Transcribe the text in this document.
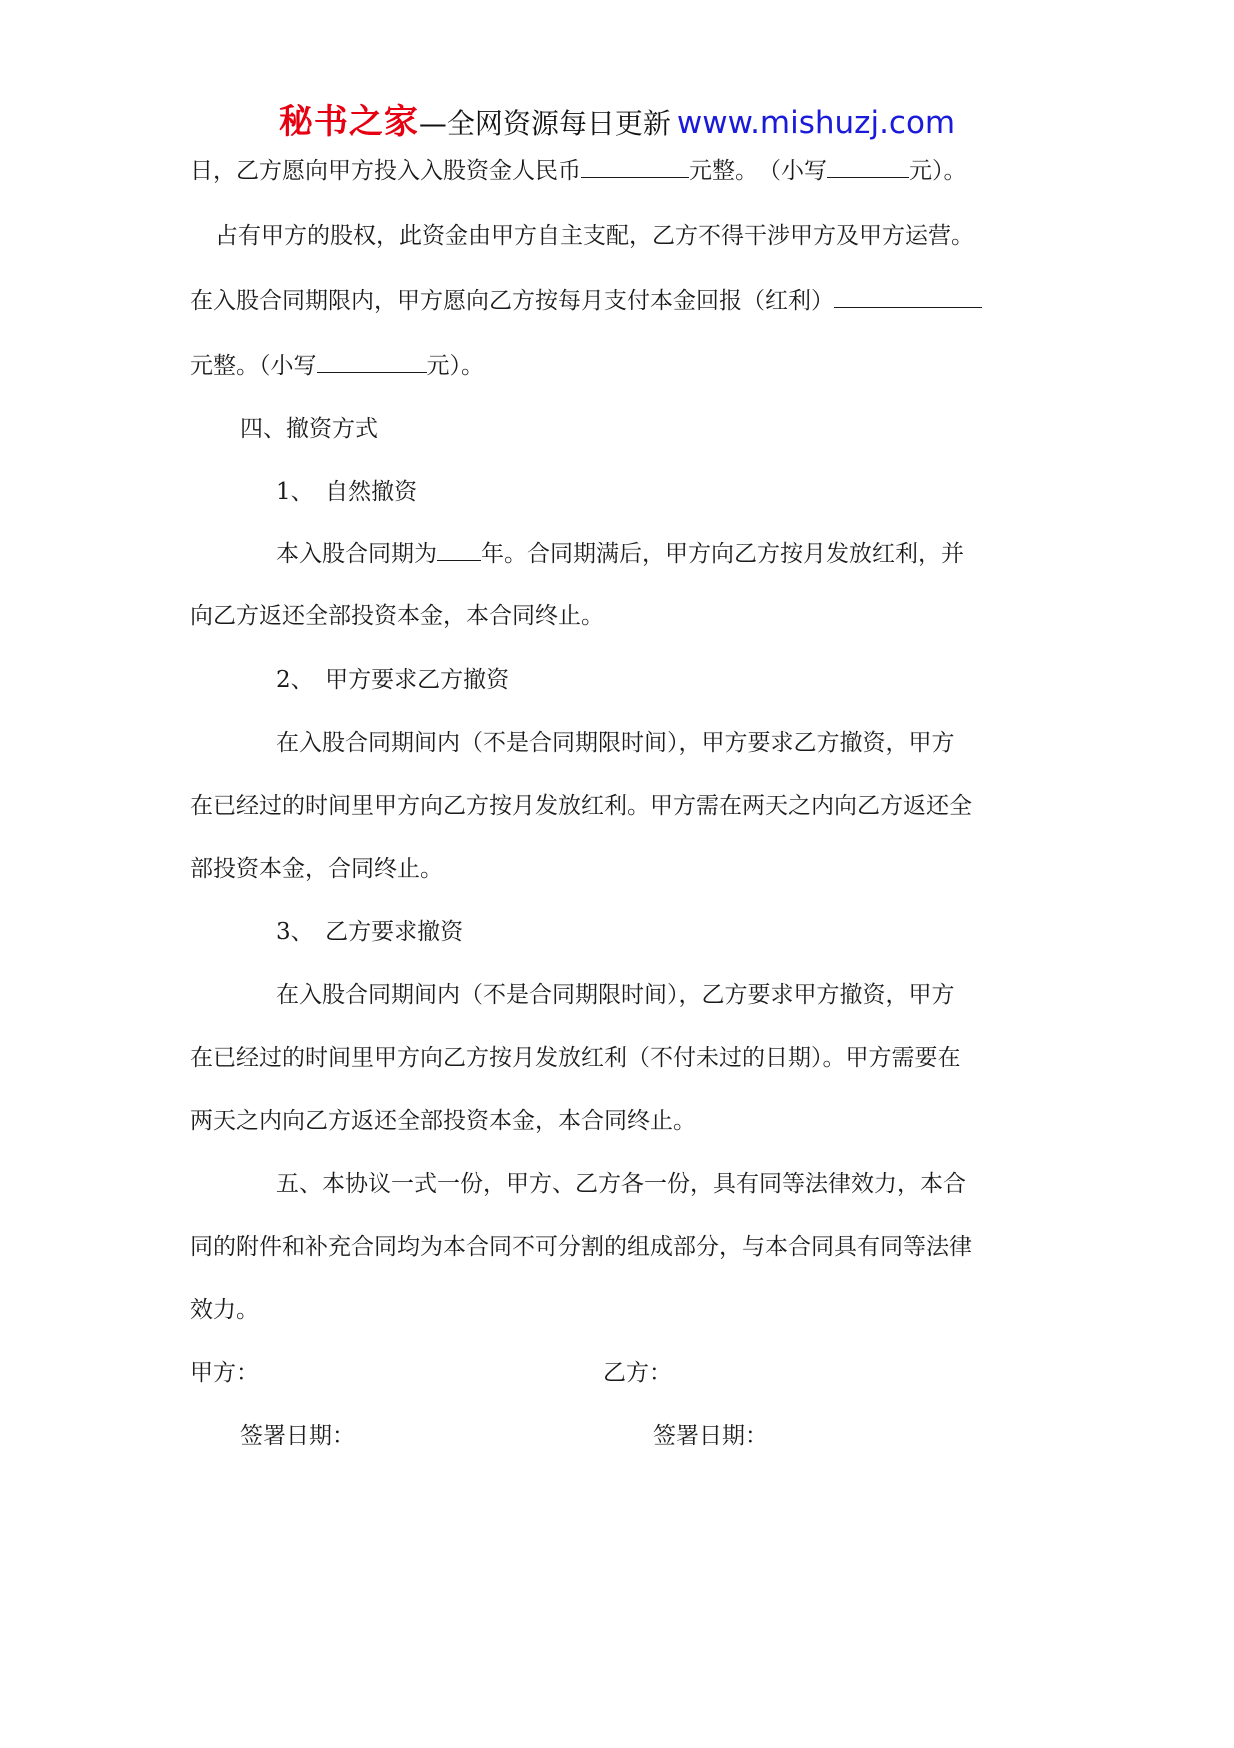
秘书之家—全网资源每日更新 www.mishuzj.com
日，乙方愿向甲方投入入股资金人民币	元整。　（小写	元）。
占有甲方的股权，此资金由甲方自主支配，乙方不得干涉甲方及甲方运营。
在入股合同期限内，甲方愿向乙方按每月支付本金回报（红利）
元整。（小写	元）。
四、撤资方式
1、　自然撤资
本入股合同期为 年。合同期满后，甲方向乙方按月发放红利，并
向乙方返还全部投资本金，本合同终止。
2、　甲方要求乙方撤资
在入股合同期间内（不是合同期限时间），甲方要求乙方撤资，甲方
在已经过的时间里甲方向乙方按月发放红利。甲方需在两天之内向乙方返还全
部投资本金，合同终止。
3、　乙方要求撤资
在入股合同期间内（不是合同期限时间），乙方要求甲方撤资，甲方
在已经过的时间里甲方向乙方按月发放红利（不付未过的日期）。甲方需要在
两天之内向乙方返还全部投资本金，本合同终止。
五、本协议一式一份，甲方、乙方各一份，具有同等法律效力，本合
同的附件和补充合同均为本合同不可分割的组成部分，与本合同具有同等法律
效力。
甲方：	乙方：
签署日期：	签署日期：
